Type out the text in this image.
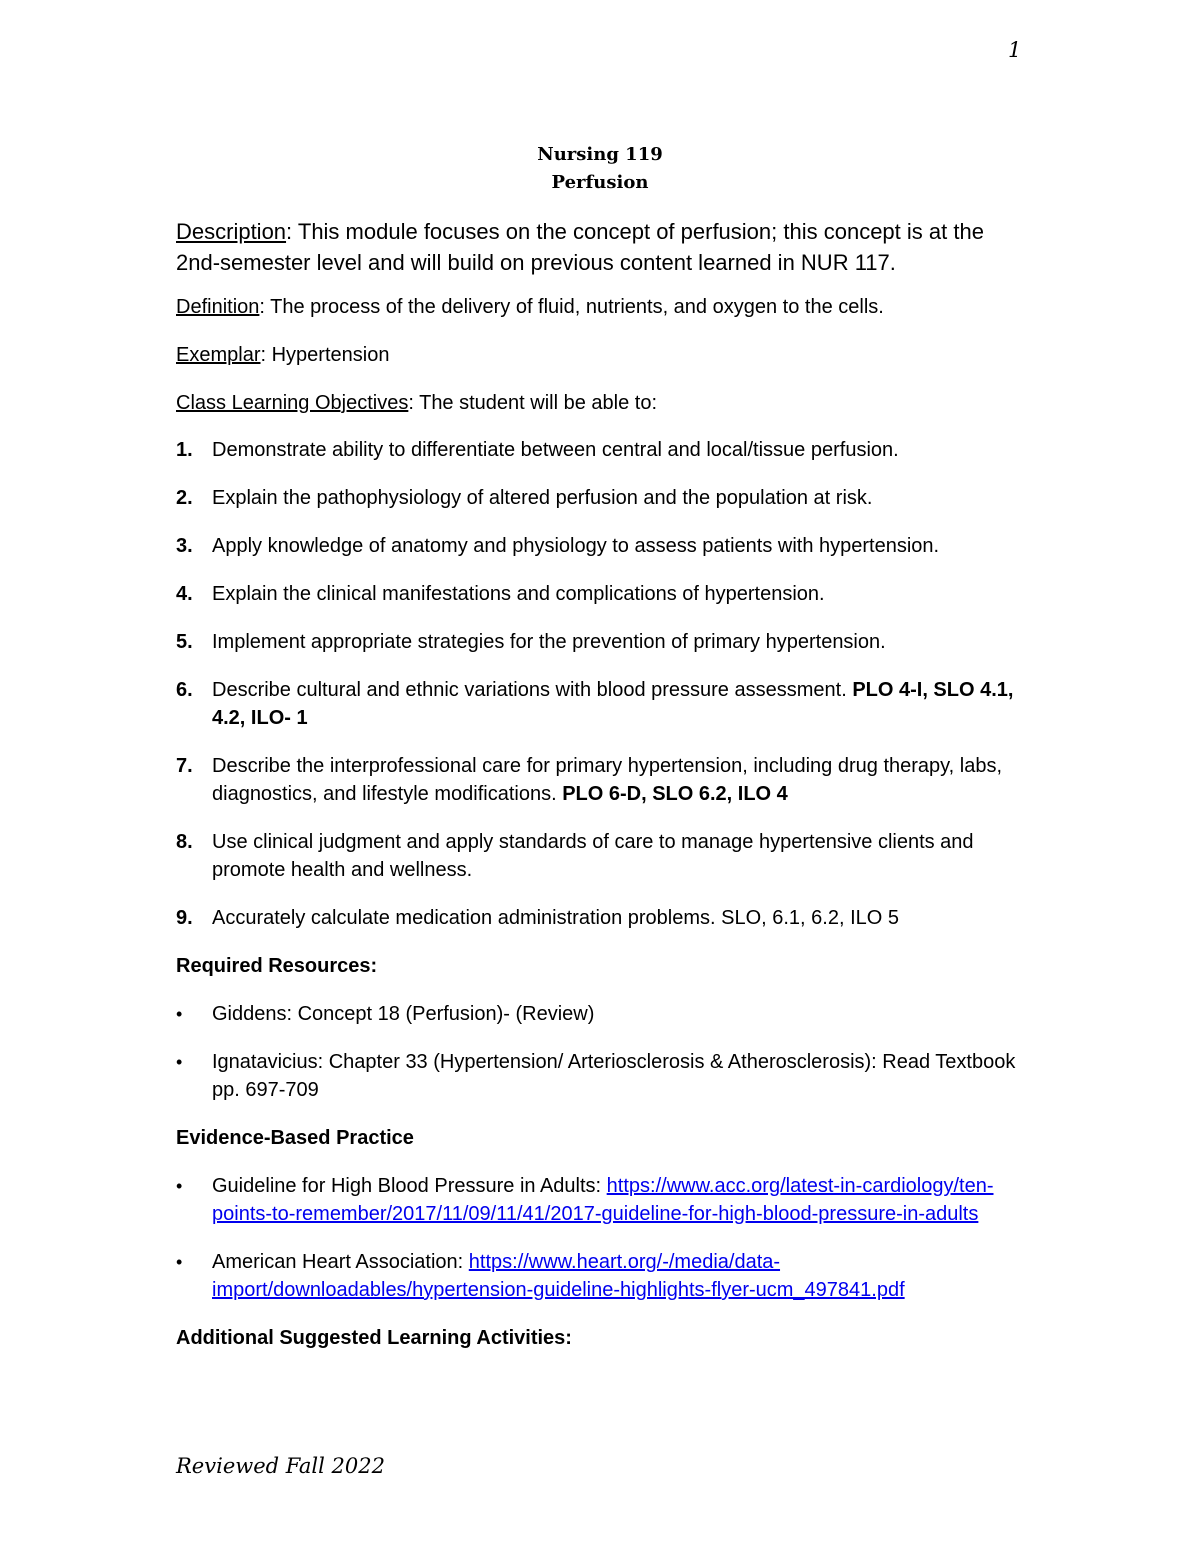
1
Nursing 119
Perfusion

Description: This module focuses on the concept of perfusion; this concept is at the 2nd-semester level and will build on previous content learned in NUR 117.

Definition: The process of the delivery of fluid, nutrients, and oxygen to the cells.

Exemplar: Hypertension

Class Learning Objectives: The student will be able to:

1. Demonstrate ability to differentiate between central and local/tissue perfusion.
2. Explain the pathophysiology of altered perfusion and the population at risk.
3. Apply knowledge of anatomy and physiology to assess patients with hypertension.
4. Explain the clinical manifestations and complications of hypertension.
5. Implement appropriate strategies for the prevention of primary hypertension.
6. Describe cultural and ethnic variations with blood pressure assessment. PLO 4-I, SLO 4.1, 4.2, ILO- 1
7. Describe the interprofessional care for primary hypertension, including drug therapy, labs, diagnostics, and lifestyle modifications. PLO 6-D, SLO 6.2, ILO 4
8. Use clinical judgment and apply standards of care to manage hypertensive clients and promote health and wellness.
9. Accurately calculate medication administration problems. SLO, 6.1, 6.2, ILO 5

Required Resources:

•	Giddens: Concept 18 (Perfusion)- (Review)
•	Ignatavicius: Chapter 33 (Hypertension/ Arteriosclerosis & Atherosclerosis): Read Textbook pp. 697-709

Evidence-Based Practice

•	Guideline for High Blood Pressure in Adults: https://www.acc.org/latest-in-cardiology/ten-points-to-remember/2017/11/09/11/41/2017-guideline-for-high-blood-pressure-in-adults
•	American Heart Association: https://www.heart.org/-/media/data-import/downloadables/hypertension-guideline-highlights-flyer-ucm_497841.pdf

Additional Suggested Learning Activities:

Reviewed Fall 2022
